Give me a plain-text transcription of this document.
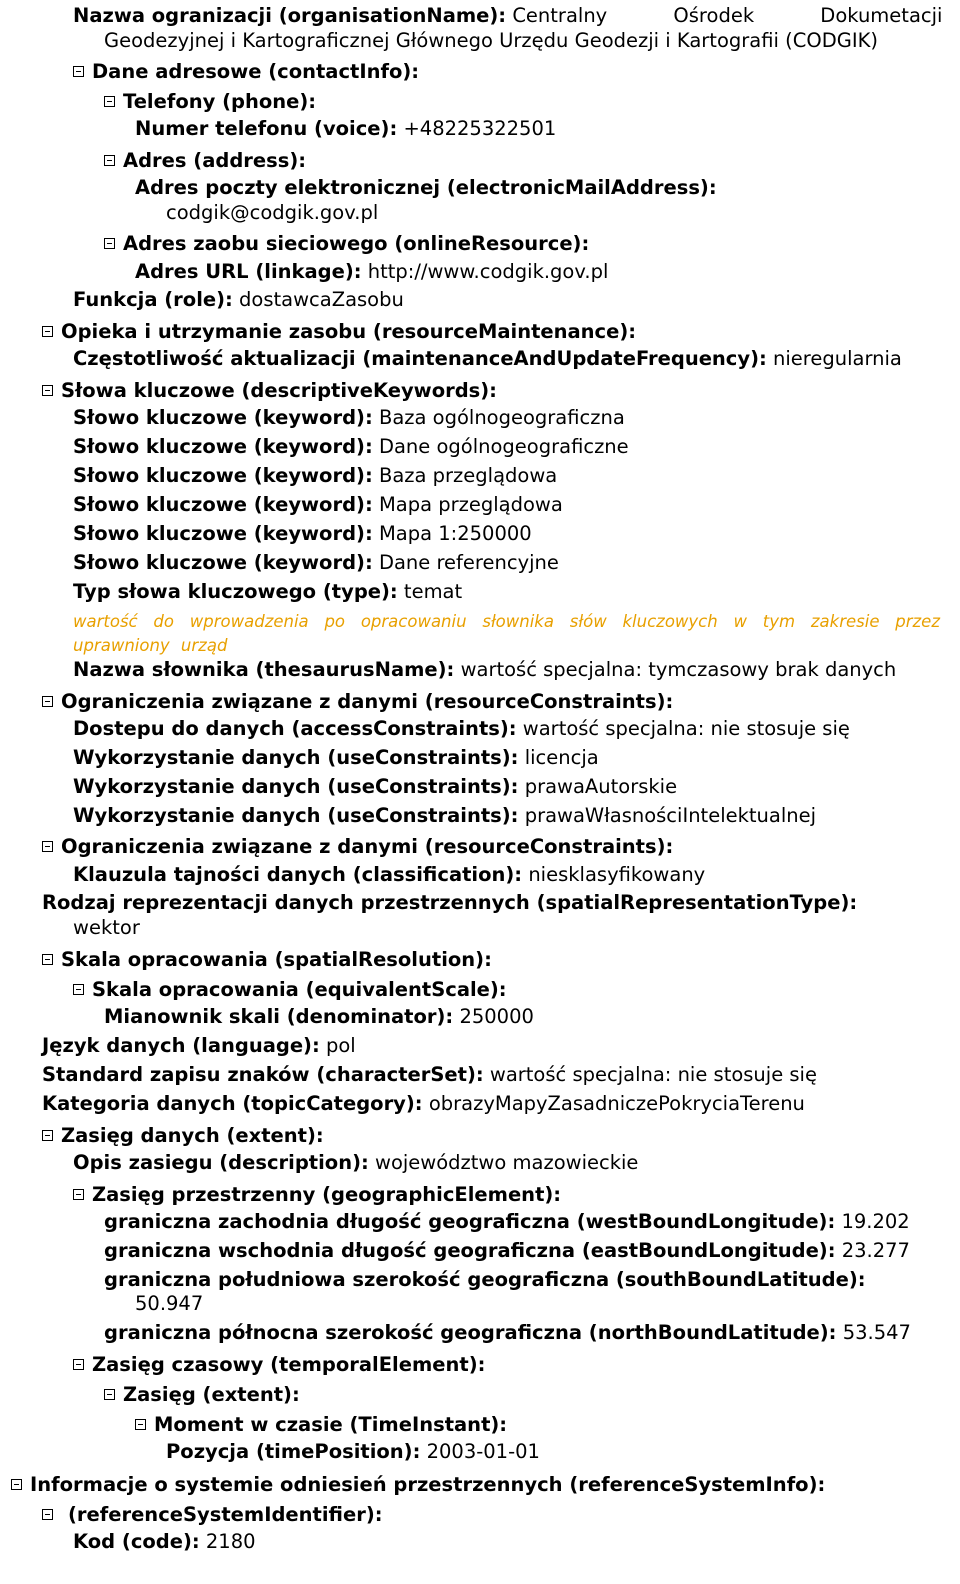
Nazwa ogranizacji (organisationName): Centralny Ośrodek Dokumetacji
Geodezyjnej i Kartograficznej Głównego Urzędu Geodezji i Kartografii (CODGIK)
Dane adresowe (contactInfo):
Telefony (phone):
Numer telefonu (voice): +48225322501
Adres (address):
Adres poczty elektronicznej (electronicMailAddress):
codgik@codgik.gov.pl
Adres zaobu sieciowego (onlineResource):
Adres URL (linkage): http://www.codgik.gov.pl
Funkcja (role): dostawcaZasobu
Opieka i utrzymanie zasobu (resourceMaintenance):
Częstotliwość aktualizacji (maintenanceAndUpdateFrequency): nieregularnia
Słowa kluczowe (descriptiveKeywords):
Słowo kluczowe (keyword): Baza ogólnogeograficzna
Słowo kluczowe (keyword): Dane ogólnogeograficzne
Słowo kluczowe (keyword): Baza przeglądowa
Słowo kluczowe (keyword): Mapa przeglądowa
Słowo kluczowe (keyword): Mapa 1:250000
Słowo kluczowe (keyword): Dane referencyjne
Typ słowa kluczowego (type): temat
wartość do wprowadzenia po opracowaniu słownika słów kluczowych w tym zakresie przez uprawniony urząd
Nazwa słownika (thesaurusName): wartość specjalna: tymczasowy brak danych
Ograniczenia związane z danymi (resourceConstraints):
Dostepu do danych (accessConstraints): wartość specjalna: nie stosuje się
Wykorzystanie danych (useConstraints): licencja
Wykorzystanie danych (useConstraints): prawaAutorskie
Wykorzystanie danych (useConstraints): prawaWłasnościIntelektualnej
Ograniczenia związane z danymi (resourceConstraints):
Klauzula tajności danych (classification): niesklasyfikowany
Rodzaj reprezentacji danych przestrzennych (spatialRepresentationType):
wektor
Skala opracowania (spatialResolution):
Skala opracowania (equivalentScale):
Mianownik skali (denominator): 250000
Język danych (language): pol
Standard zapisu znaków (characterSet): wartość specjalna: nie stosuje się
Kategoria danych (topicCategory): obrazyMapyZasadniczePokryciaTerenu
Zasięg danych (extent):
Opis zasiegu (description): województwo mazowieckie
Zasięg przestrzenny (geographicElement):
graniczna zachodnia długość geograficzna (westBoundLongitude): 19.202
graniczna wschodnia długość geograficzna (eastBoundLongitude): 23.277
graniczna południowa szerokość geograficzna (southBoundLatitude):
50.947
graniczna północna szerokość geograficzna (northBoundLatitude): 53.547
Zasięg czasowy (temporalElement):
Zasięg (extent):
Moment w czasie (TimeInstant):
Pozycja (timePosition): 2003-01-01
Informacje o systemie odniesień przestrzennych (referenceSystemInfo):
(referenceSystemIdentifier):
Kod (code): 2180
